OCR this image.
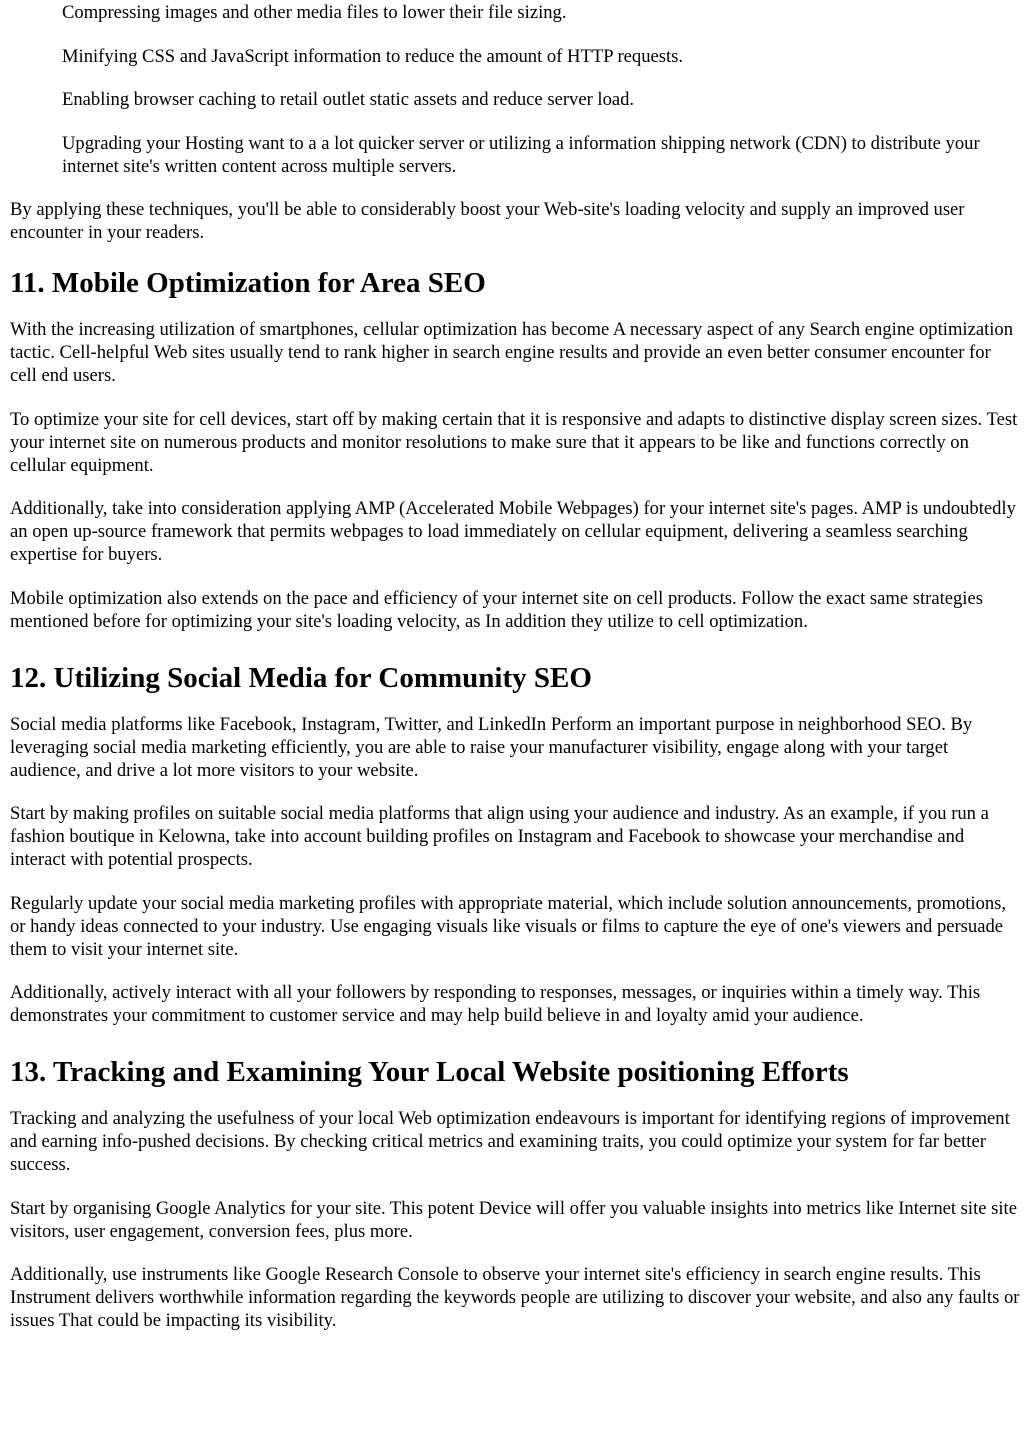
Compressing images and other media files to lower their file sizing.
Minifying CSS and JavaScript information to reduce the amount of HTTP requests.
Enabling browser caching to retail outlet static assets and reduce server load.
Upgrading your Hosting want to a a lot quicker server or utilizing a information shipping network (CDN) to distribute your internet site's written content across multiple servers.

By applying these techniques, you'll be able to considerably boost your Web-site's loading velocity and supply an improved user encounter in your readers.

11. Mobile Optimization for Area SEO

With the increasing utilization of smartphones, cellular optimization has become A necessary aspect of any Search engine optimization tactic. Cell-helpful Web sites usually tend to rank higher in search engine results and provide an even better consumer encounter for cell end users.

To optimize your site for cell devices, start off by making certain that it is responsive and adapts to distinctive display screen sizes. Test your internet site on numerous products and monitor resolutions to make sure that it appears to be like and functions correctly on cellular equipment.

Additionally, take into consideration applying AMP (Accelerated Mobile Webpages) for your internet site's pages. AMP is undoubtedly an open up-source framework that permits webpages to load immediately on cellular equipment, delivering a seamless searching expertise for buyers.

Mobile optimization also extends on the pace and efficiency of your internet site on cell products. Follow the exact same strategies mentioned before for optimizing your site's loading velocity, as In addition they utilize to cell optimization.

12. Utilizing Social Media for Community SEO

Social media platforms like Facebook, Instagram, Twitter, and LinkedIn Perform an important purpose in neighborhood SEO. By leveraging social media marketing efficiently, you are able to raise your manufacturer visibility, engage along with your target audience, and drive a lot more visitors to your website.

Start by making profiles on suitable social media platforms that align using your audience and industry. As an example, if you run a fashion boutique in Kelowna, take into account building profiles on Instagram and Facebook to showcase your merchandise and interact with potential prospects.

Regularly update your social media marketing profiles with appropriate material, which include solution announcements, promotions, or handy ideas connected to your industry. Use engaging visuals like visuals or films to capture the eye of one's viewers and persuade them to visit your internet site.

Additionally, actively interact with all your followers by responding to responses, messages, or inquiries within a timely way. This demonstrates your commitment to customer service and may help build believe in and loyalty amid your audience.

13. Tracking and Examining Your Local Website positioning Efforts

Tracking and analyzing the usefulness of your local Web optimization endeavours is important for identifying regions of improvement and earning info-pushed decisions. By checking critical metrics and examining traits, you could optimize your system for far better success.

Start by organising Google Analytics for your site. This potent Device will offer you valuable insights into metrics like Internet site site visitors, user engagement, conversion fees, plus more.

Additionally, use instruments like Google Research Console to observe your internet site's efficiency in search engine results. This Instrument delivers worthwhile information regarding the keywords people are utilizing to discover your website, and also any faults or issues That could be impacting its visibility.
